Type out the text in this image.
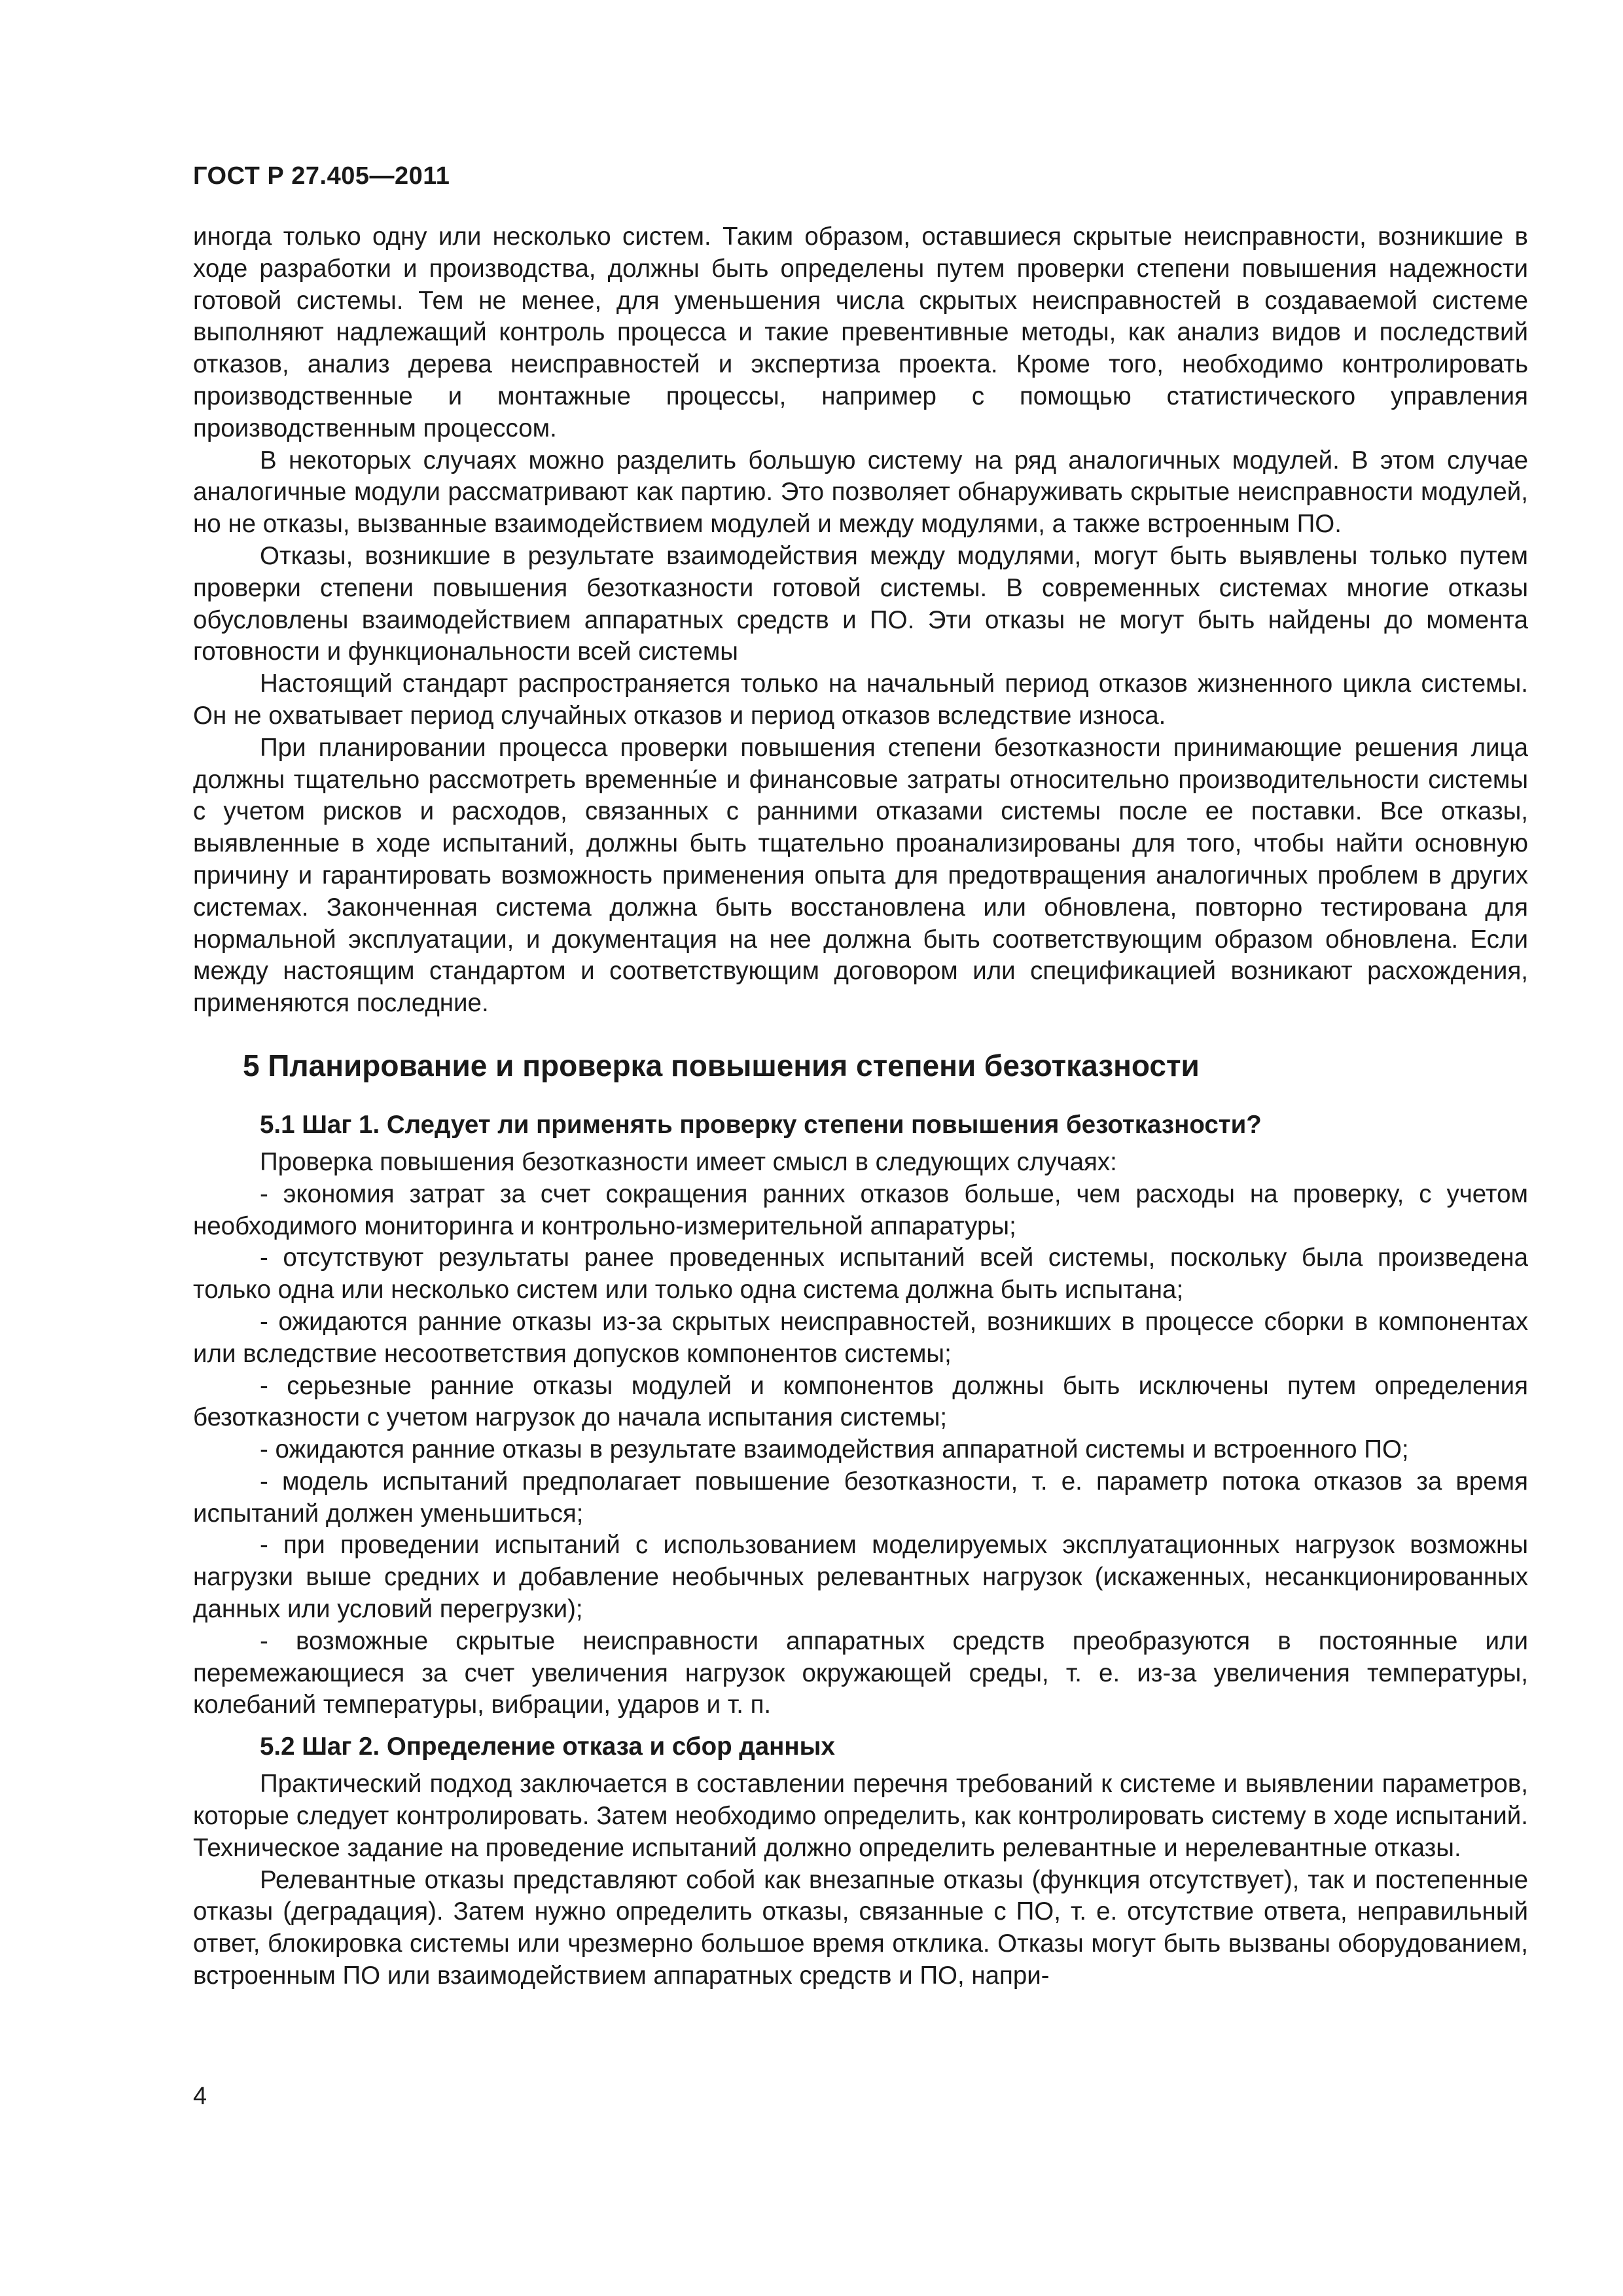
ГОСТ Р 27.405—2011

иногда только одну или несколько систем. Таким образом, оставшиеся скрытые неисправности, возникшие в ходе разработки и производства, должны быть определены путем проверки степени повышения надежности готовой системы. Тем не менее, для уменьшения числа скрытых неисправностей в создаваемой системе выполняют надлежащий контроль процесса и такие превентивные методы, как анализ видов и последствий отказов, анализ дерева неисправностей и экспертиза проекта. Кроме того, необходимо контролировать производственные и монтажные процессы, например с помощью статистического управления производственным процессом.

В некоторых случаях можно разделить большую систему на ряд аналогичных модулей. В этом случае аналогичные модули рассматривают как партию. Это позволяет обнаруживать скрытые неисправности модулей, но не отказы, вызванные взаимодействием модулей и между модулями, а также встроенным ПО.

Отказы, возникшие в результате взаимодействия между модулями, могут быть выявлены только путем проверки степени повышения безотказности готовой системы. В современных системах многие отказы обусловлены взаимодействием аппаратных средств и ПО. Эти отказы не могут быть найдены до момента готовности и функциональности всей системы

Настоящий стандарт распространяется только на начальный период отказов жизненного цикла системы. Он не охватывает период случайных отказов и период отказов вследствие износа.

При планировании процесса проверки повышения степени безотказности принимающие решения лица должны тщательно рассмотреть временны́е и финансовые затраты относительно производительности системы с учетом рисков и расходов, связанных с ранними отказами системы после ее поставки. Все отказы, выявленные в ходе испытаний, должны быть тщательно проанализированы для того, чтобы найти основную причину и гарантировать возможность применения опыта для предотвращения аналогичных проблем в других системах. Законченная система должна быть восстановлена или обновлена, повторно тестирована для нормальной эксплуатации, и документация на нее должна быть соответствующим образом обновлена. Если между настоящим стандартом и соответствующим договором или спецификацией возникают расхождения, применяются последние.

5 Планирование и проверка повышения степени безотказности
5.1 Шаг 1. Следует ли применять проверку степени повышения безотказности?

Проверка повышения безотказности имеет смысл в следующих случаях:

- экономия затрат за счет сокращения ранних отказов больше, чем расходы на проверку, с учетом необходимого мониторинга и контрольно-измерительной аппаратуры;

- отсутствуют результаты ранее проведенных испытаний всей системы, поскольку была произведена только одна или несколько систем или только одна система должна быть испытана;

- ожидаются ранние отказы из-за скрытых неисправностей, возникших в процессе сборки в компонентах или вследствие несоответствия допусков компонентов системы;

- серьезные ранние отказы модулей и компонентов должны быть исключены путем определения безотказности с учетом нагрузок до начала испытания системы;

- ожидаются ранние отказы в результате взаимодействия аппаратной системы и встроенного ПО;

- модель испытаний предполагает повышение безотказности, т. е. параметр потока отказов за время испытаний должен уменьшиться;

- при проведении испытаний с использованием моделируемых эксплуатационных нагрузок возможны нагрузки выше средних и добавление необычных релевантных нагрузок (искаженных, несанкционированных данных или условий перегрузки);

- возможные скрытые неисправности аппаратных средств преобразуются в постоянные или перемежающиеся за счет увеличения нагрузок окружающей среды, т. е. из-за увеличения температуры, колебаний температуры, вибрации, ударов и т. п.

5.2 Шаг 2. Определение отказа и сбор данных

Практический подход заключается в составлении перечня требований к системе и выявлении параметров, которые следует контролировать. Затем необходимо определить, как контролировать систему в ходе испытаний. Техническое задание на проведение испытаний должно определить релевантные и нерелевантные отказы.

Релевантные отказы представляют собой как внезапные отказы (функция отсутствует), так и постепенные отказы (деградация). Затем нужно определить отказы, связанные с ПО, т. е. отсутствие ответа, неправильный ответ, блокировка системы или чрезмерно большое время отклика. Отказы могут быть вызваны оборудованием, встроенным ПО или взаимодействием аппаратных средств и ПО, напри-

4
